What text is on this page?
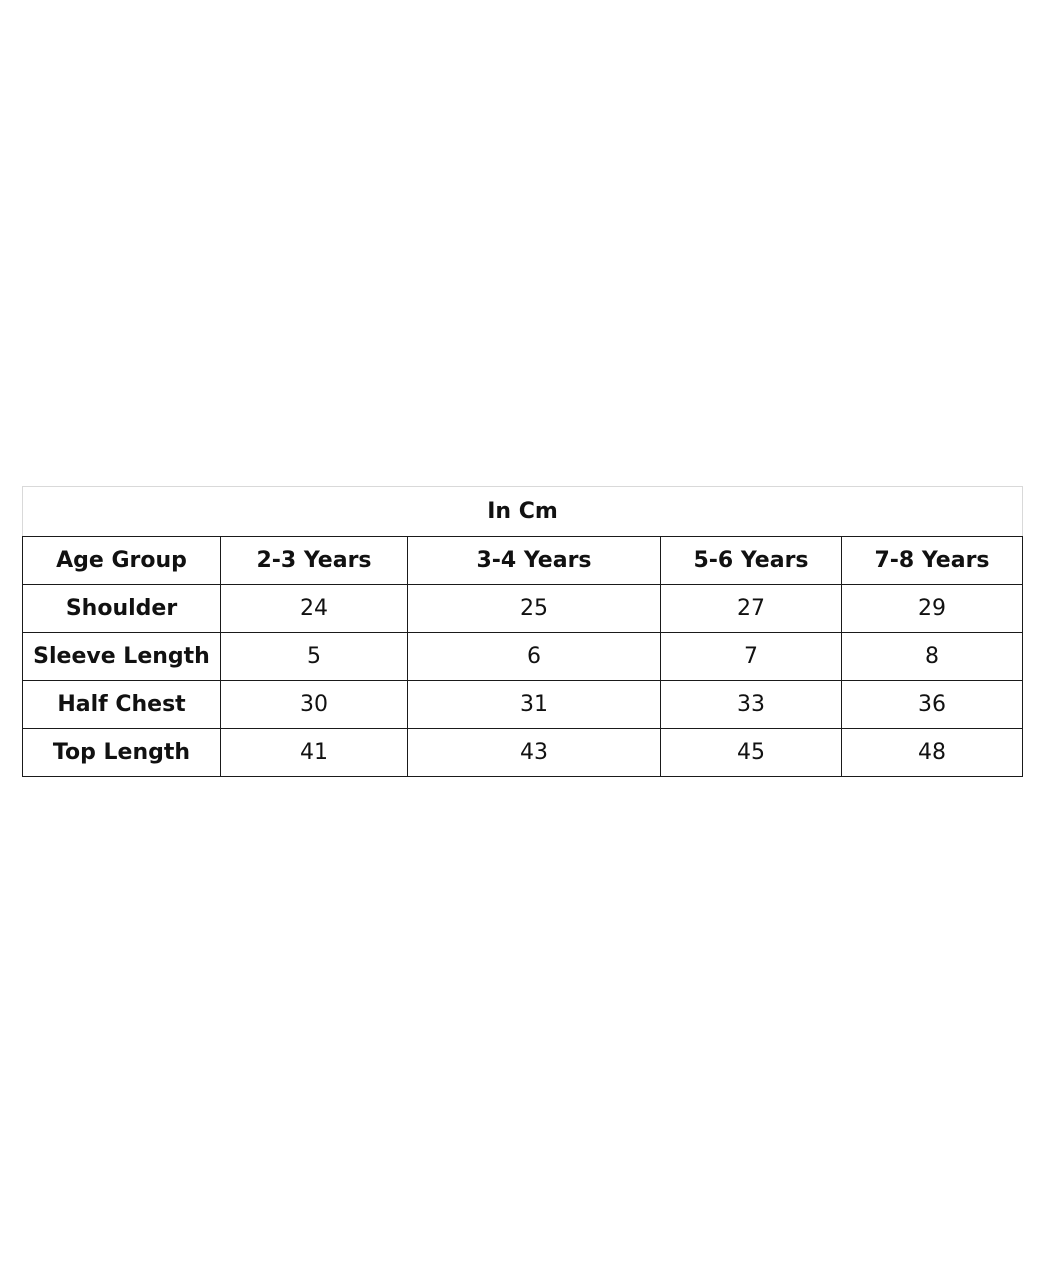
In Cm				
Age Group	2-3 Years	3-4 Years	5-6 Years	7-8 Years
Shoulder	24	25	27	29
Sleeve Length	5	6	7	8
Half Chest	30	31	33	36
Top Length	41	43	45	48
